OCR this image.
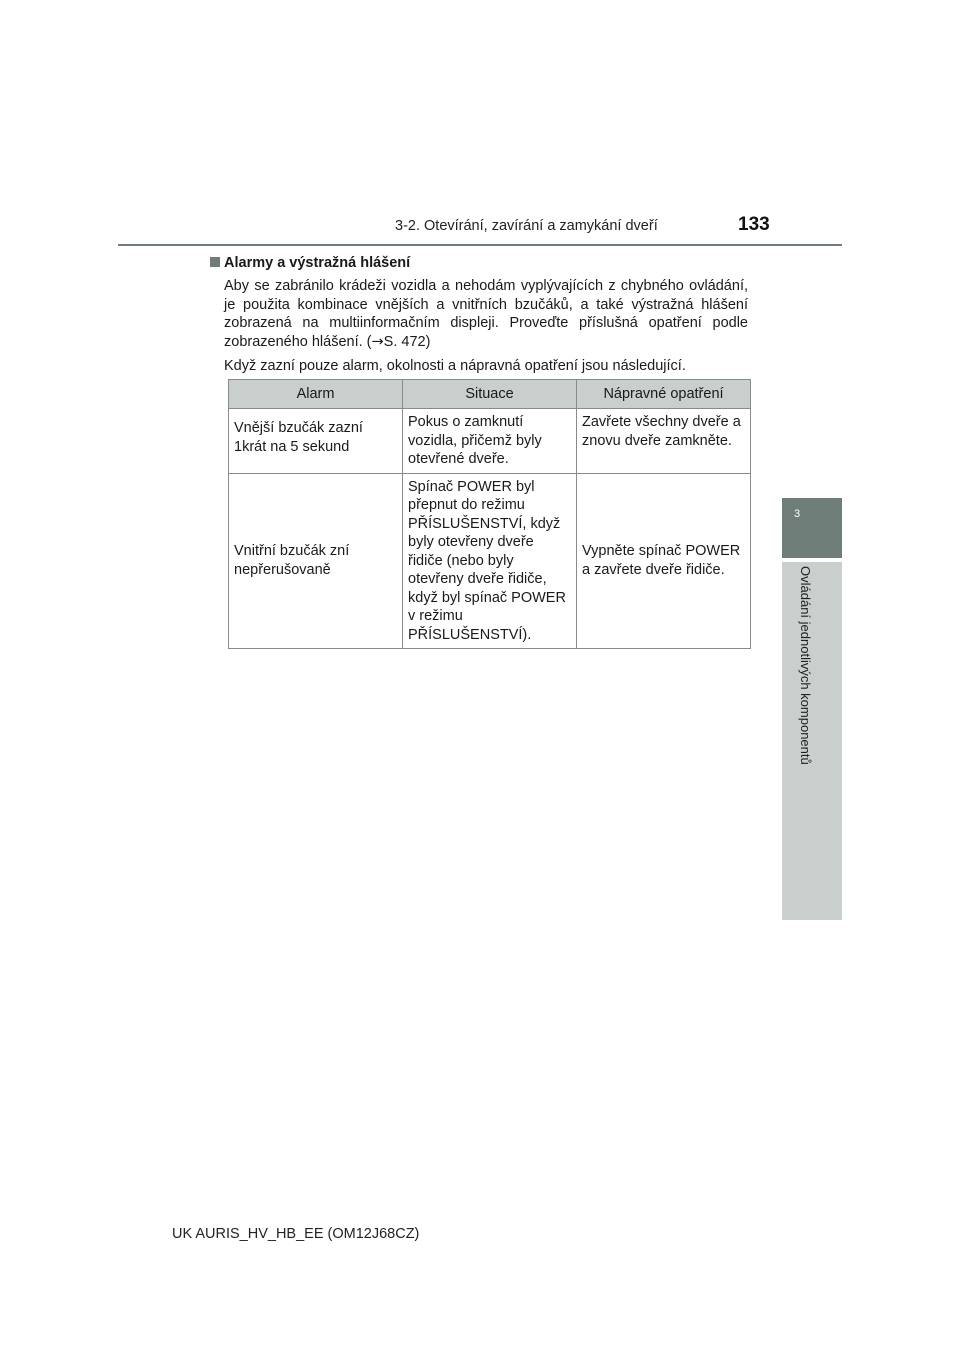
3-2. Otevírání, zavírání a zamykání dveří	133
3
Ovládání jednotlivých komponentů

Alarmy a výstražná hlášení

Aby se zabránilo krádeži vozidla a nehodám vyplývajících z chybného ovládání, je použita kombinace vnějších a vnitřních bzučáků, a také výstražná hlášení zobrazená na multiinformačním displeji. Proveďte příslušná opatření podle zobrazeného hlášení. (→S. 472)

Když zazní pouze alarm, okolnosti a nápravná opatření jsou následující.

Alarm	Situace	Nápravné opatření
Vnější bzučák zazní 1krát na 5 sekund	Pokus o zamknutí vozidla, přičemž byly otevřené dveře.	Zavřete všechny dveře a znovu dveře zamkněte.
Vnitřní bzučák zní nepřerušovaně	Spínač POWER byl přepnut do režimu PŘÍSLUŠENSTVÍ, když byly otevřeny dveře řidiče (nebo byly otevřeny dveře řidiče, když byl spínač POWER v režimu PŘÍSLUŠENSTVÍ).	Vypněte spínač POWER a zavřete dveře řidiče.
UK AURIS_HV_HB_EE (OM12J68CZ)
